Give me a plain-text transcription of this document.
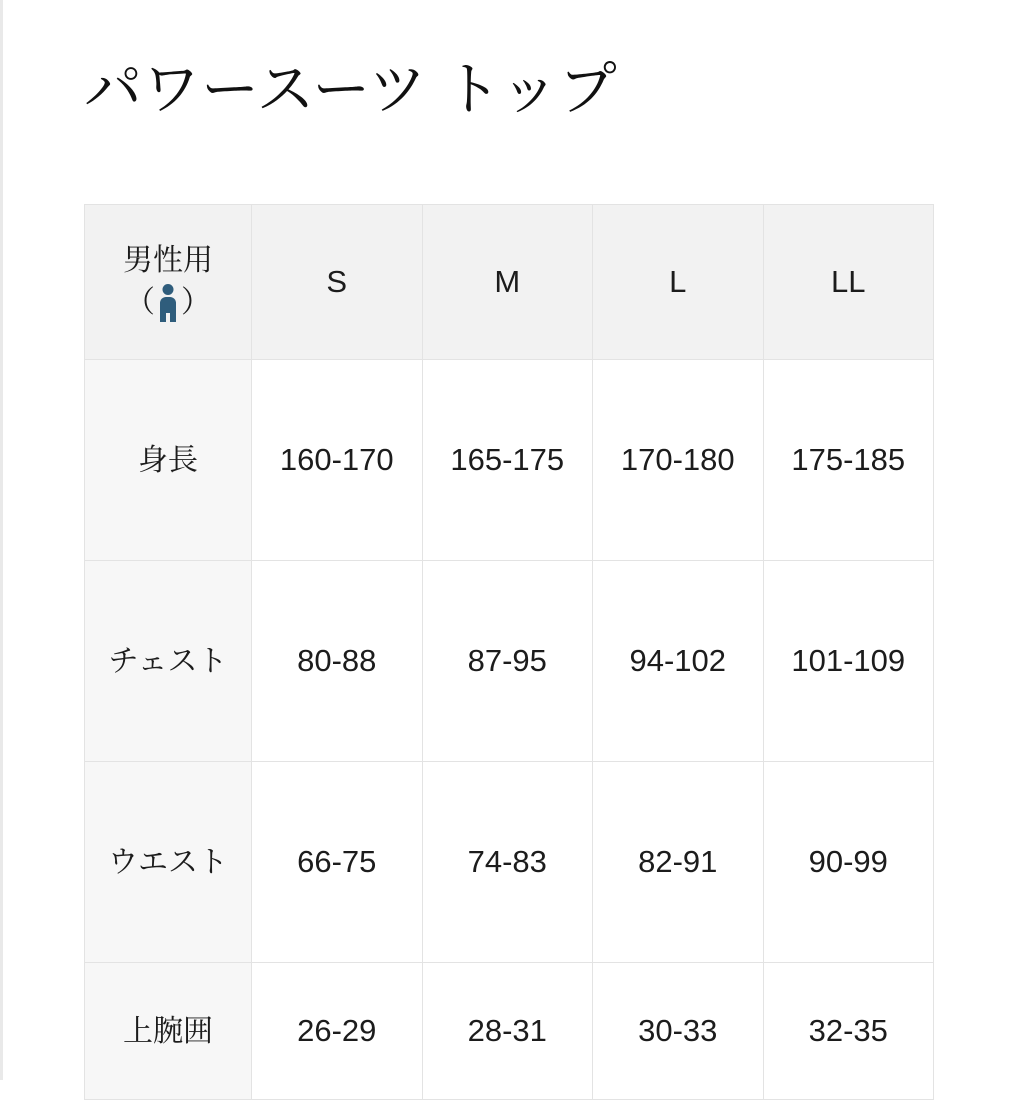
パワースーツ トップ
男性用
（ ）	S	M	L	LL
身長	160-170	165-175	170-180	175-185
チェスト	80-88	87-95	94-102	101-109
ウエスト	66-75	74-83	82-91	90-99
上腕囲	26-29	28-31	30-33	32-35
